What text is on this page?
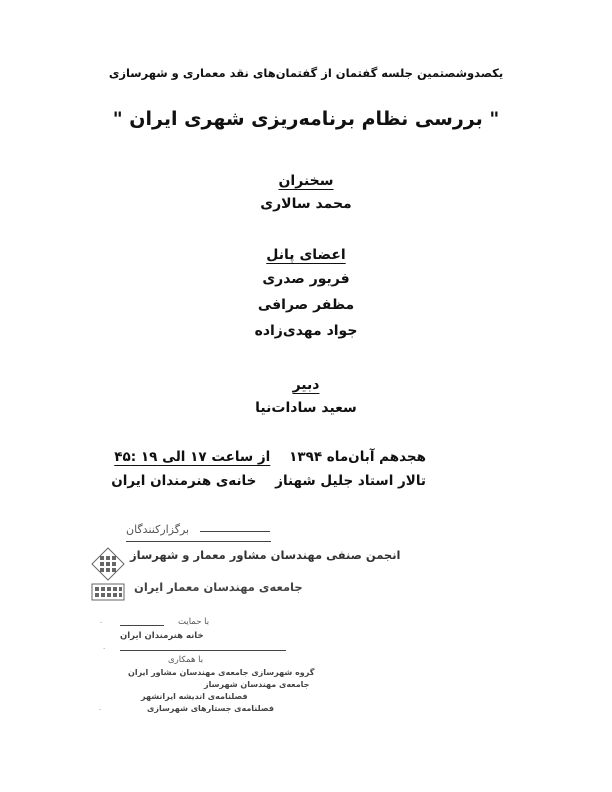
یکصدوشصتمین جلسه گفتمان از گفتمان‌های نقد معماری و شهرسازی
" بررسی نظام برنامه‌ریزی شهری ایران "
سخنران
محمد سالاری
اعضای پانل
فریور صدری
مظفر صرافی
جواد مهدی‌زاده
دبیر
سعید سادات‌نیا
هجدهم آبان‌ماه ۱۳۹۴    از ساعت ۱۷ الی ۱۹ :۴۵
تالار استاد جلیل شهناز    خانه‌ی هنرمندان ایران
برگزارکنندگان
انجمن صنفی مهندسان مشاور معمار و شهرساز
جامعه‌ی مهندسان معمار ایران
با حمایت
خانه هنرمندان ایران
با همکاری
گروه شهرسازی جامعه‌ی مهندسان مشاور ایران
جامعه‌ی مهندسان شهرساز
فصلنامه‌ی اندیشه ایرانشهر
فصلنامه‌ی جستارهای شهرسازی
·
·
·
